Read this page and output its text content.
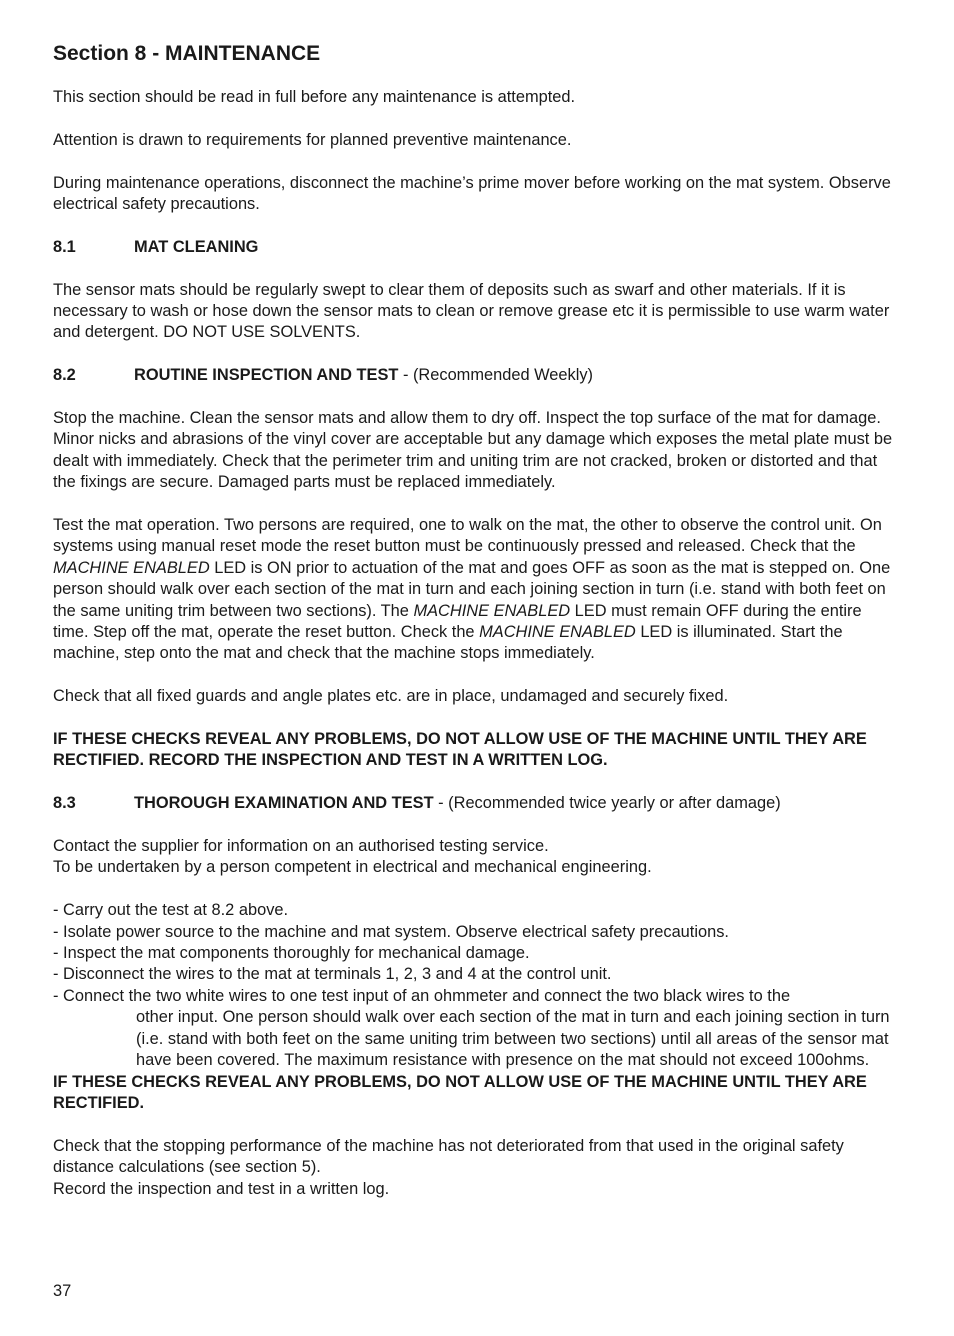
Section 8 - MAINTENANCE

This section should be read in full before any maintenance is attempted.

Attention is drawn to requirements for planned preventive maintenance.

During maintenance operations, disconnect the machine’s prime mover before working on the mat system. Observe electrical safety precautions.

8.1	MAT CLEANING

The sensor mats should be regularly swept to clear them of deposits such as swarf and other materials. If it is necessary to wash or hose down the sensor mats to clean or remove grease etc it is permissible to use warm water and detergent. DO NOT USE SOLVENTS.

8.2	ROUTINE INSPECTION AND TEST - (Recommended Weekly)

Stop the machine. Clean the sensor mats and allow them to dry off. Inspect the top surface of the mat for damage. Minor nicks and abrasions of the vinyl cover are acceptable but any damage which exposes the metal plate must be dealt with immediately. Check that the perimeter trim and uniting trim are not cracked, broken or distorted and that the fixings are secure. Damaged parts must be replaced immediately.

Test the mat operation. Two persons are required, one to walk on the mat, the other to observe the control unit. On systems using manual reset mode the reset button must be continuously pressed and released. Check that the MACHINE ENABLED LED is ON prior to actuation of the mat and goes OFF as soon as the mat is stepped on. One person should walk over each section of the mat in turn and each joining section in turn (i.e. stand with both feet on the same uniting trim between two sections). The MACHINE ENABLED LED must remain OFF during the entire time. Step off the mat, operate the reset button. Check the MACHINE ENABLED LED is illuminated. Start the machine, step onto the mat and check that the machine stops immediately.

Check that all fixed guards and angle plates etc. are in place, undamaged and securely fixed.

IF THESE CHECKS REVEAL ANY PROBLEMS, DO NOT ALLOW USE OF THE MACHINE UNTIL THEY ARE RECTIFIED. RECORD THE INSPECTION AND TEST IN A WRITTEN LOG.
8.3	THOROUGH EXAMINATION AND TEST - (Recommended twice yearly or after damage)

Contact the supplier for information on an authorised testing service.
To be undertaken by a person competent in electrical and mechanical engineering.

- Carry out the test at 8.2 above.
- Isolate power source to the machine and mat system. Observe electrical safety precautions.
- Inspect the mat components thoroughly for mechanical damage.
- Disconnect the wires to the mat at terminals 1, 2, 3 and 4 at the control unit.
- Connect the two white wires to one test input of an ohmmeter and connect the two black wires to the
other input. One person should walk over each section of the mat in turn and each joining section in turn (i.e. stand with both feet on the same uniting trim between two sections) until all areas of the sensor mat have been covered. The maximum resistance with presence on the mat should not exceed 100ohms.
IF THESE CHECKS REVEAL ANY PROBLEMS, DO NOT ALLOW USE OF THE MACHINE UNTIL THEY ARE RECTIFIED.

Check that the stopping performance of the machine has not deteriorated from that used in the original safety distance calculations (see section 5).

Record the inspection and test in a written log.

37
